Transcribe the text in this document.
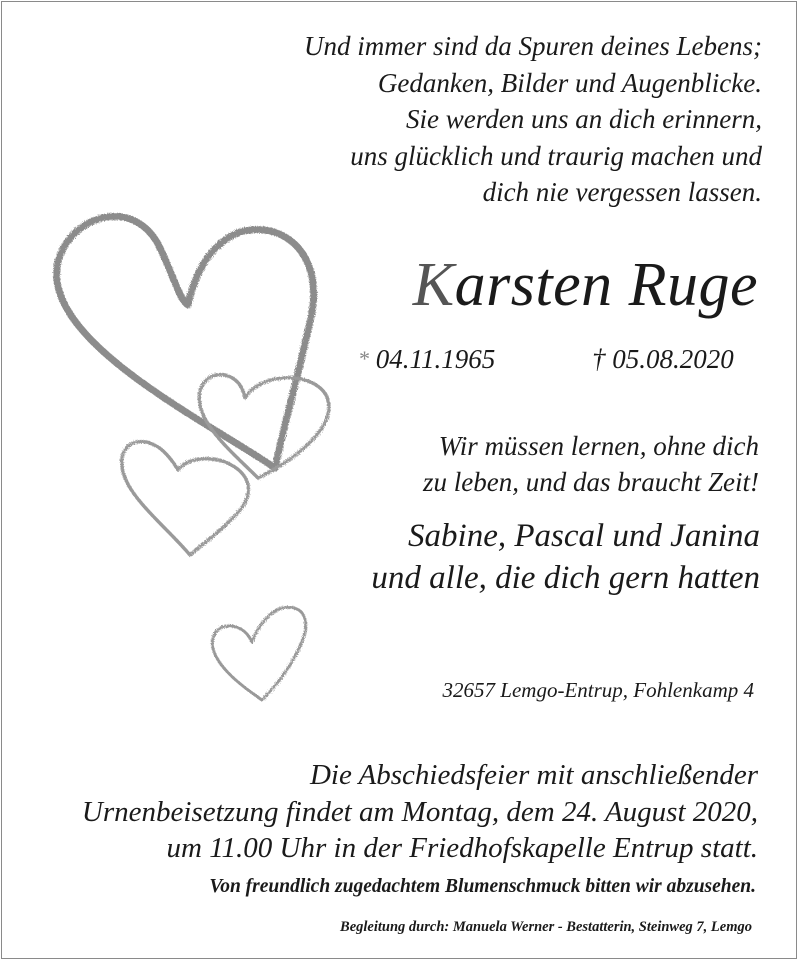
Und immer sind da Spuren deines Lebens;
Gedanken, Bilder und Augenblicke.
Sie werden uns an dich erinnern,
uns glücklich und traurig machen und
dich nie vergessen lassen.
Karsten Ruge
* 04.11.1965	† 05.08.2020
Wir müssen lernen, ohne dich
zu leben, und das braucht Zeit!
Sabine, Pascal und Janina
und alle, die dich gern hatten
32657 Lemgo-Entrup, Fohlenkamp 4
Die Abschiedsfeier mit anschließender
Urnenbeisetzung findet am Montag, dem 24. August 2020,
um 11.00 Uhr in der Friedhofskapelle Entrup statt.
Von freundlich zugedachtem Blumenschmuck bitten wir abzusehen.
Begleitung durch: Manuela Werner - Bestatterin, Steinweg 7, Lemgo
